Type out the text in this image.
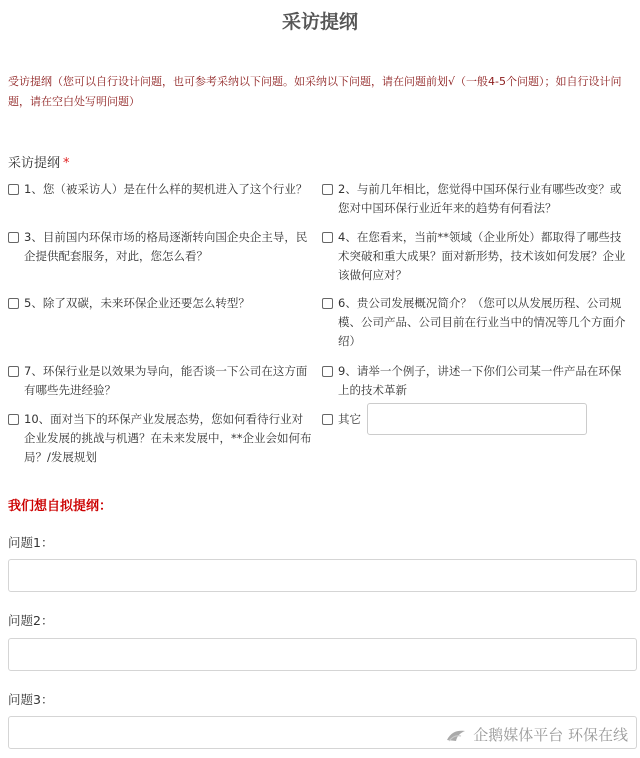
采访提纲
受访提纲（您可以自行设计问题，也可参考采纳以下问题。如采纳以下问题，请在问题前划√（一般4-5个问题）；如自行设计问题，请在空白处写明问题）
采访提纲 *
1、您（被采访人）是在什么样的契机进入了这个行业？	2、与前几年相比，您觉得中国环保行业有哪些改变？或 您对中国环保行业近年来的趋势有何看法？
3、目前国内环保市场的格局逐渐转向国企央企主导，民企提供配套服务，对此，您怎么看？
4、在您看来，当前**领域（企业所处）都取得了哪些技术突破和重大成果？面对新形势，技术该如何发展？企业该做何应对？
5、除了双碳，未来环保企业还要怎么转型？	6、贵公司发展概况简介？（您可以从发展历程、公司规模、公司产品、公司目前在行业当中的情况等几个方面介绍）
7、环保行业是以效果为导向，能否谈一下公司在这方面有哪些先进经验？
9、请举一个例子，讲述一下你们公司某一件产品在环保上的技术革新
10、面对当下的环保产业发展态势，您如何看待行业对企业发展的挑战与机遇？在未来发展中，**企业会如何布局？/发展规划
其它
我们想自拟提纲：
问题1：
问题2：
问题3：
企鹅媒体平台 环保在线
